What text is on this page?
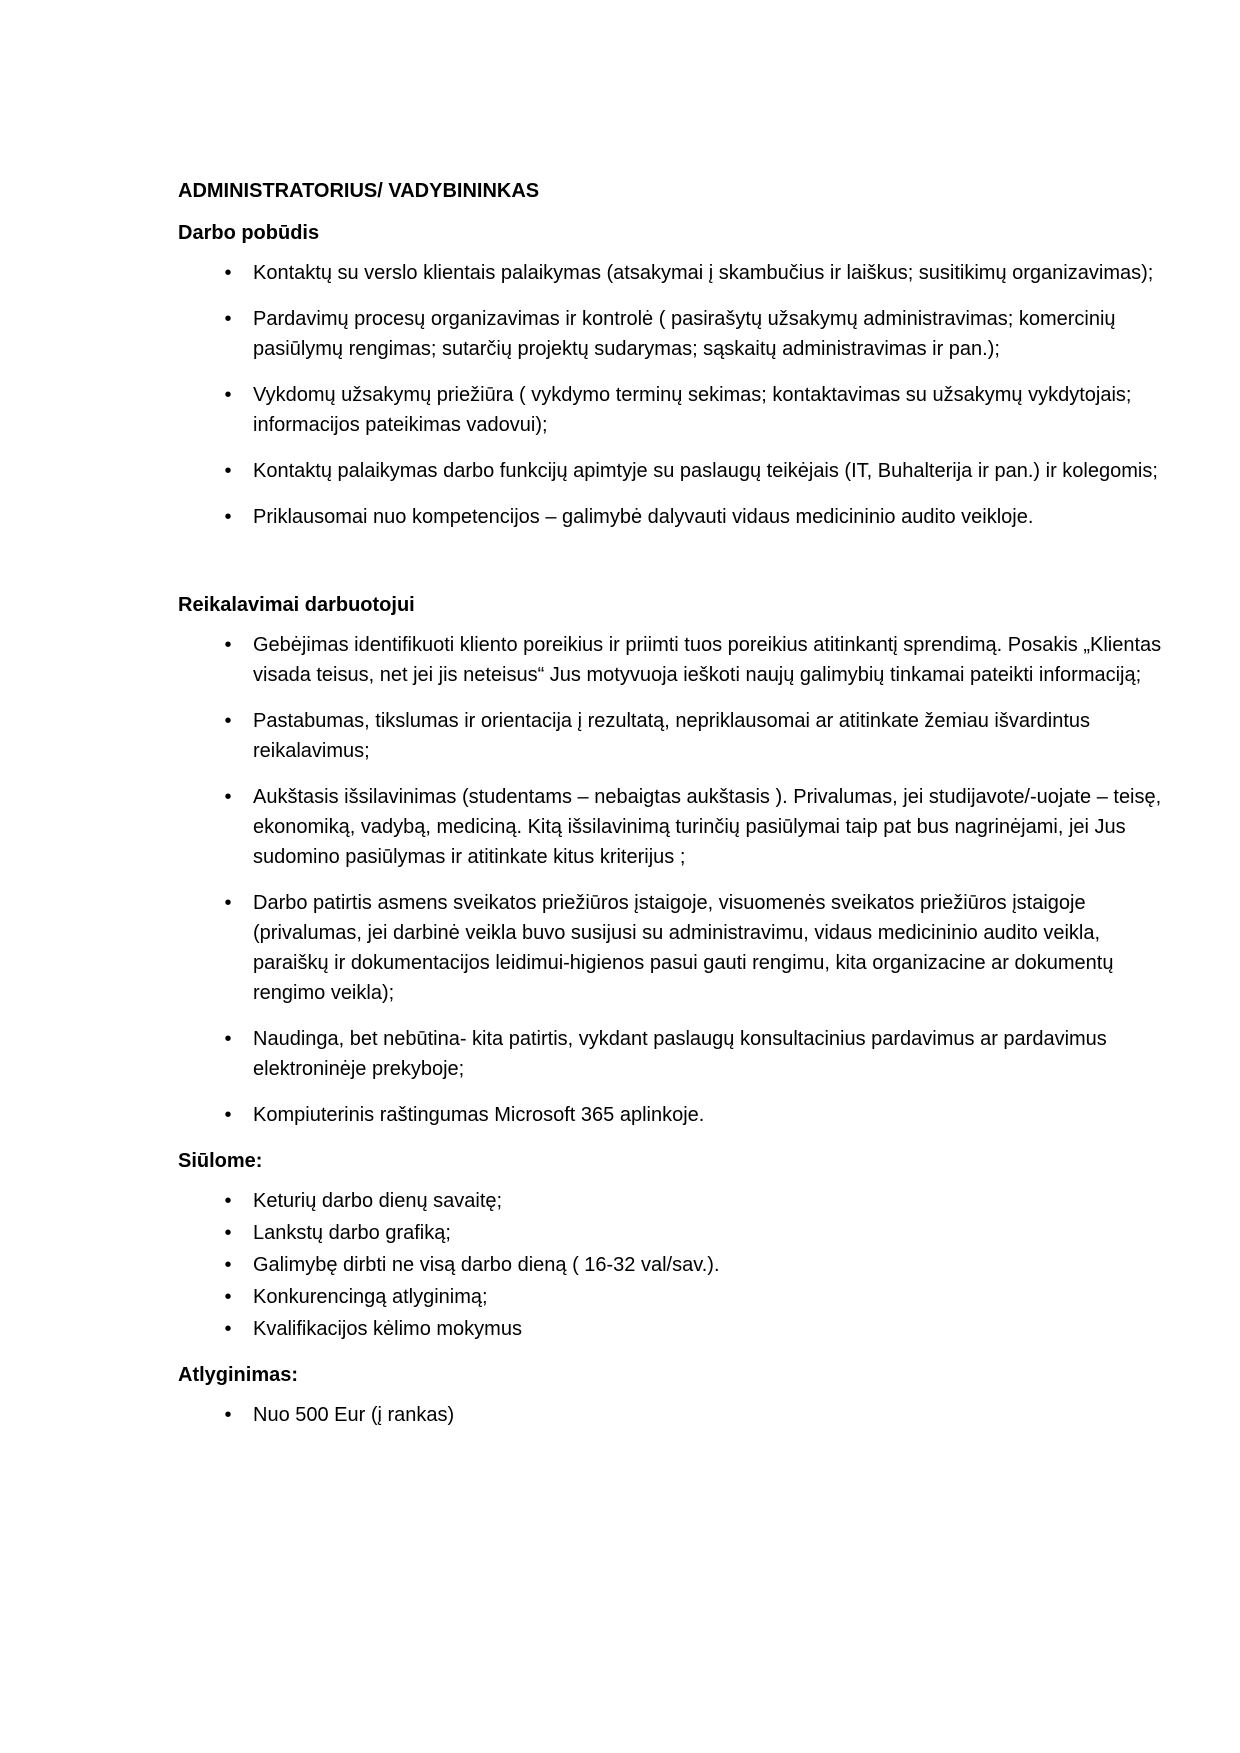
ADMINISTRATORIUS/ VADYBININKAS
Darbo pobūdis
• Kontaktų su verslo klientais palaikymas (atsakymai į skambučius ir laiškus; susitikimų organizavimas);
• Pardavimų procesų organizavimas ir kontrolė ( pasirašytų užsakymų administravimas; komercinių pasiūlymų rengimas; sutarčių projektų sudarymas; sąskaitų administravimas ir pan.);
• Vykdomų užsakymų priežiūra ( vykdymo terminų sekimas; kontaktavimas su užsakymų vykdytojais; informacijos pateikimas vadovui);
• Kontaktų palaikymas darbo funkcijų apimtyje su paslaugų teikėjais (IT, Buhalterija ir pan.) ir kolegomis;
• Priklausomai nuo kompetencijos – galimybė dalyvauti vidaus medicininio audito veikloje.
Reikalavimai darbuotojui
• Gebėjimas identifikuoti kliento poreikius ir priimti tuos poreikius atitinkantį sprendimą. Posakis „Klientas visada teisus, net jei jis neteisus“ Jus motyvuoja ieškoti naujų galimybių tinkamai pateikti informaciją;
• Pastabumas, tikslumas ir orientacija į rezultatą, nepriklausomai ar atitinkate žemiau išvardintus reikalavimus;
• Aukštasis išsilavinimas (studentams – nebaigtas aukštasis ). Privalumas, jei studijavote/-uojate – teisę, ekonomiką, vadybą, mediciną. Kitą išsilavinimą turinčių pasiūlymai taip pat bus nagrinėjami, jei Jus sudomino pasiūlymas ir atitinkate kitus kriterijus ;
• Darbo patirtis asmens sveikatos priežiūros įstaigoje, visuomenės sveikatos priežiūros įstaigoje (privalumas, jei darbinė veikla buvo susijusi su administravimu, vidaus medicininio audito veikla, paraiškų ir dokumentacijos leidimui-higienos pasui gauti rengimu, kita organizacine ar dokumentų rengimo veikla);
• Naudinga, bet nebūtina- kita patirtis, vykdant paslaugų konsultacinius pardavimus ar pardavimus elektroninėje prekyboje;
• Kompiuterinis raštingumas Microsoft 365 aplinkoje.
Siūlome:
• Keturių darbo dienų savaitę;
• Lankstų darbo grafiką;
• Galimybę dirbti ne visą darbo dieną ( 16-32 val/sav.).
• Konkurencingą atlyginimą;
• Kvalifikacijos kėlimo mokymus
Atlyginimas:
• Nuo 500 Eur (į rankas)
